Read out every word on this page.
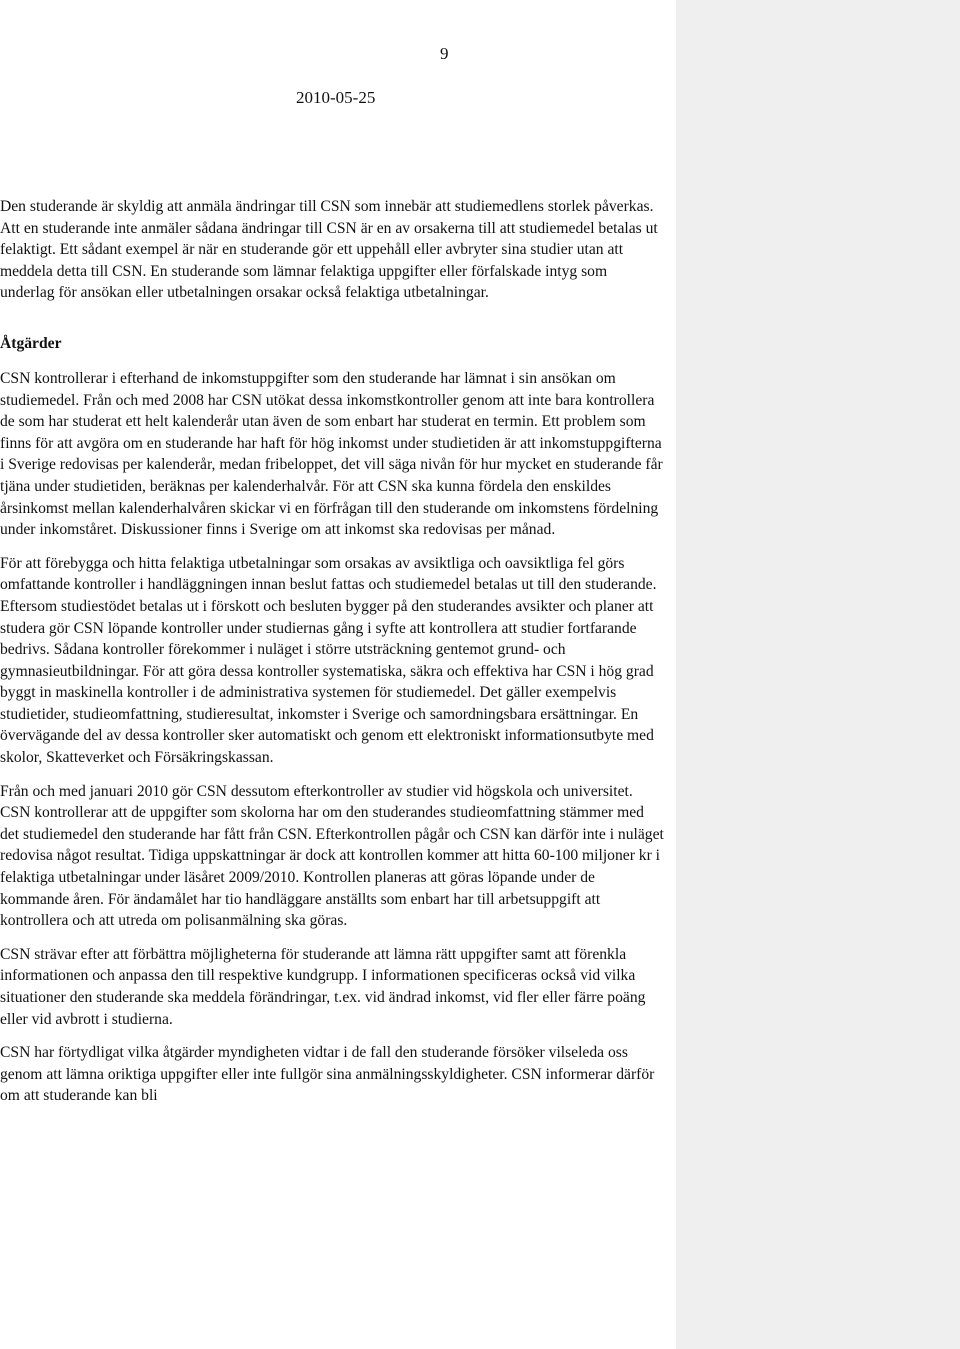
9
2010-05-25

Den studerande är skyldig att anmäla ändringar till CSN som innebär att studiemedlens storlek påverkas. Att en studerande inte anmäler sådana ändringar till CSN är en av orsakerna till att studiemedel betalas ut felaktigt. Ett sådant exempel är när en studerande gör ett uppehåll eller avbryter sina studier utan att meddela detta till CSN. En studerande som lämnar felaktiga uppgifter eller förfalskade intyg som underlag för ansökan eller utbetalningen orsakar också felaktiga utbetalningar.

Åtgärder

CSN kontrollerar i efterhand de inkomstuppgifter som den studerande har lämnat i sin ansökan om studiemedel. Från och med 2008 har CSN utökat dessa inkomstkontroller genom att inte bara kontrollera de som har studerat ett helt kalenderår utan även de som enbart har studerat en termin. Ett problem som finns för att avgöra om en studerande har haft för hög inkomst under studietiden är att inkomstuppgifterna i Sverige redovisas per kalenderår, medan fribeloppet, det vill säga nivån för hur mycket en studerande får tjäna under studietiden, beräknas per kalenderhalvår. För att CSN ska kunna fördela den enskildes årsinkomst mellan kalenderhalvåren skickar vi en förfrågan till den studerande om inkomstens fördelning under inkomståret. Diskussioner finns i Sverige om att inkomst ska redovisas per månad.

För att förebygga och hitta felaktiga utbetalningar som orsakas av avsiktliga och oavsiktliga fel görs omfattande kontroller i handläggningen innan beslut fattas och studiemedel betalas ut till den studerande. Eftersom studiestödet betalas ut i förskott och besluten bygger på den studerandes avsikter och planer att studera gör CSN löpande kontroller under studiernas gång i syfte att kontrollera att studier fortfarande bedrivs. Sådana kontroller förekommer i nuläget i större utsträckning gentemot grund- och gymnasieutbildningar. För att göra dessa kontroller systematiska, säkra och effektiva har CSN i hög grad byggt in maskinella kontroller i de administrativa systemen för studiemedel. Det gäller exempelvis studietider, studieomfattning, studieresultat, inkomster i Sverige och samordningsbara ersättningar. En övervägande del av dessa kontroller sker automatiskt och genom ett elektroniskt informationsutbyte med skolor, Skatteverket och Försäkringskassan.

Från och med januari 2010 gör CSN dessutom efterkontroller av studier vid högskola och universitet. CSN kontrollerar att de uppgifter som skolorna har om den studerandes studieomfattning stämmer med det studiemedel den studerande har fått från CSN. Efterkontrollen pågår och CSN kan därför inte i nuläget redovisa något resultat. Tidiga uppskattningar är dock att kontrollen kommer att hitta 60-100 miljoner kr i felaktiga utbetalningar under läsåret 2009/2010. Kontrollen planeras att göras löpande under de kommande åren. För ändamålet har tio handläggare anställts som enbart har till arbetsuppgift att kontrollera och att utreda om polisanmälning ska göras.

CSN strävar efter att förbättra möjligheterna för studerande att lämna rätt uppgifter samt att förenkla informationen och anpassa den till respektive kundgrupp. I informationen specificeras också vid vilka situationer den studerande ska meddela förändringar, t.ex. vid ändrad inkomst, vid fler eller färre poäng eller vid avbrott i studierna.

CSN har förtydligat vilka åtgärder myndigheten vidtar i de fall den studerande försöker vilseleda oss genom att lämna oriktiga uppgifter eller inte fullgör sina anmälningsskyldigheter. CSN informerar därför om att studerande kan bli
